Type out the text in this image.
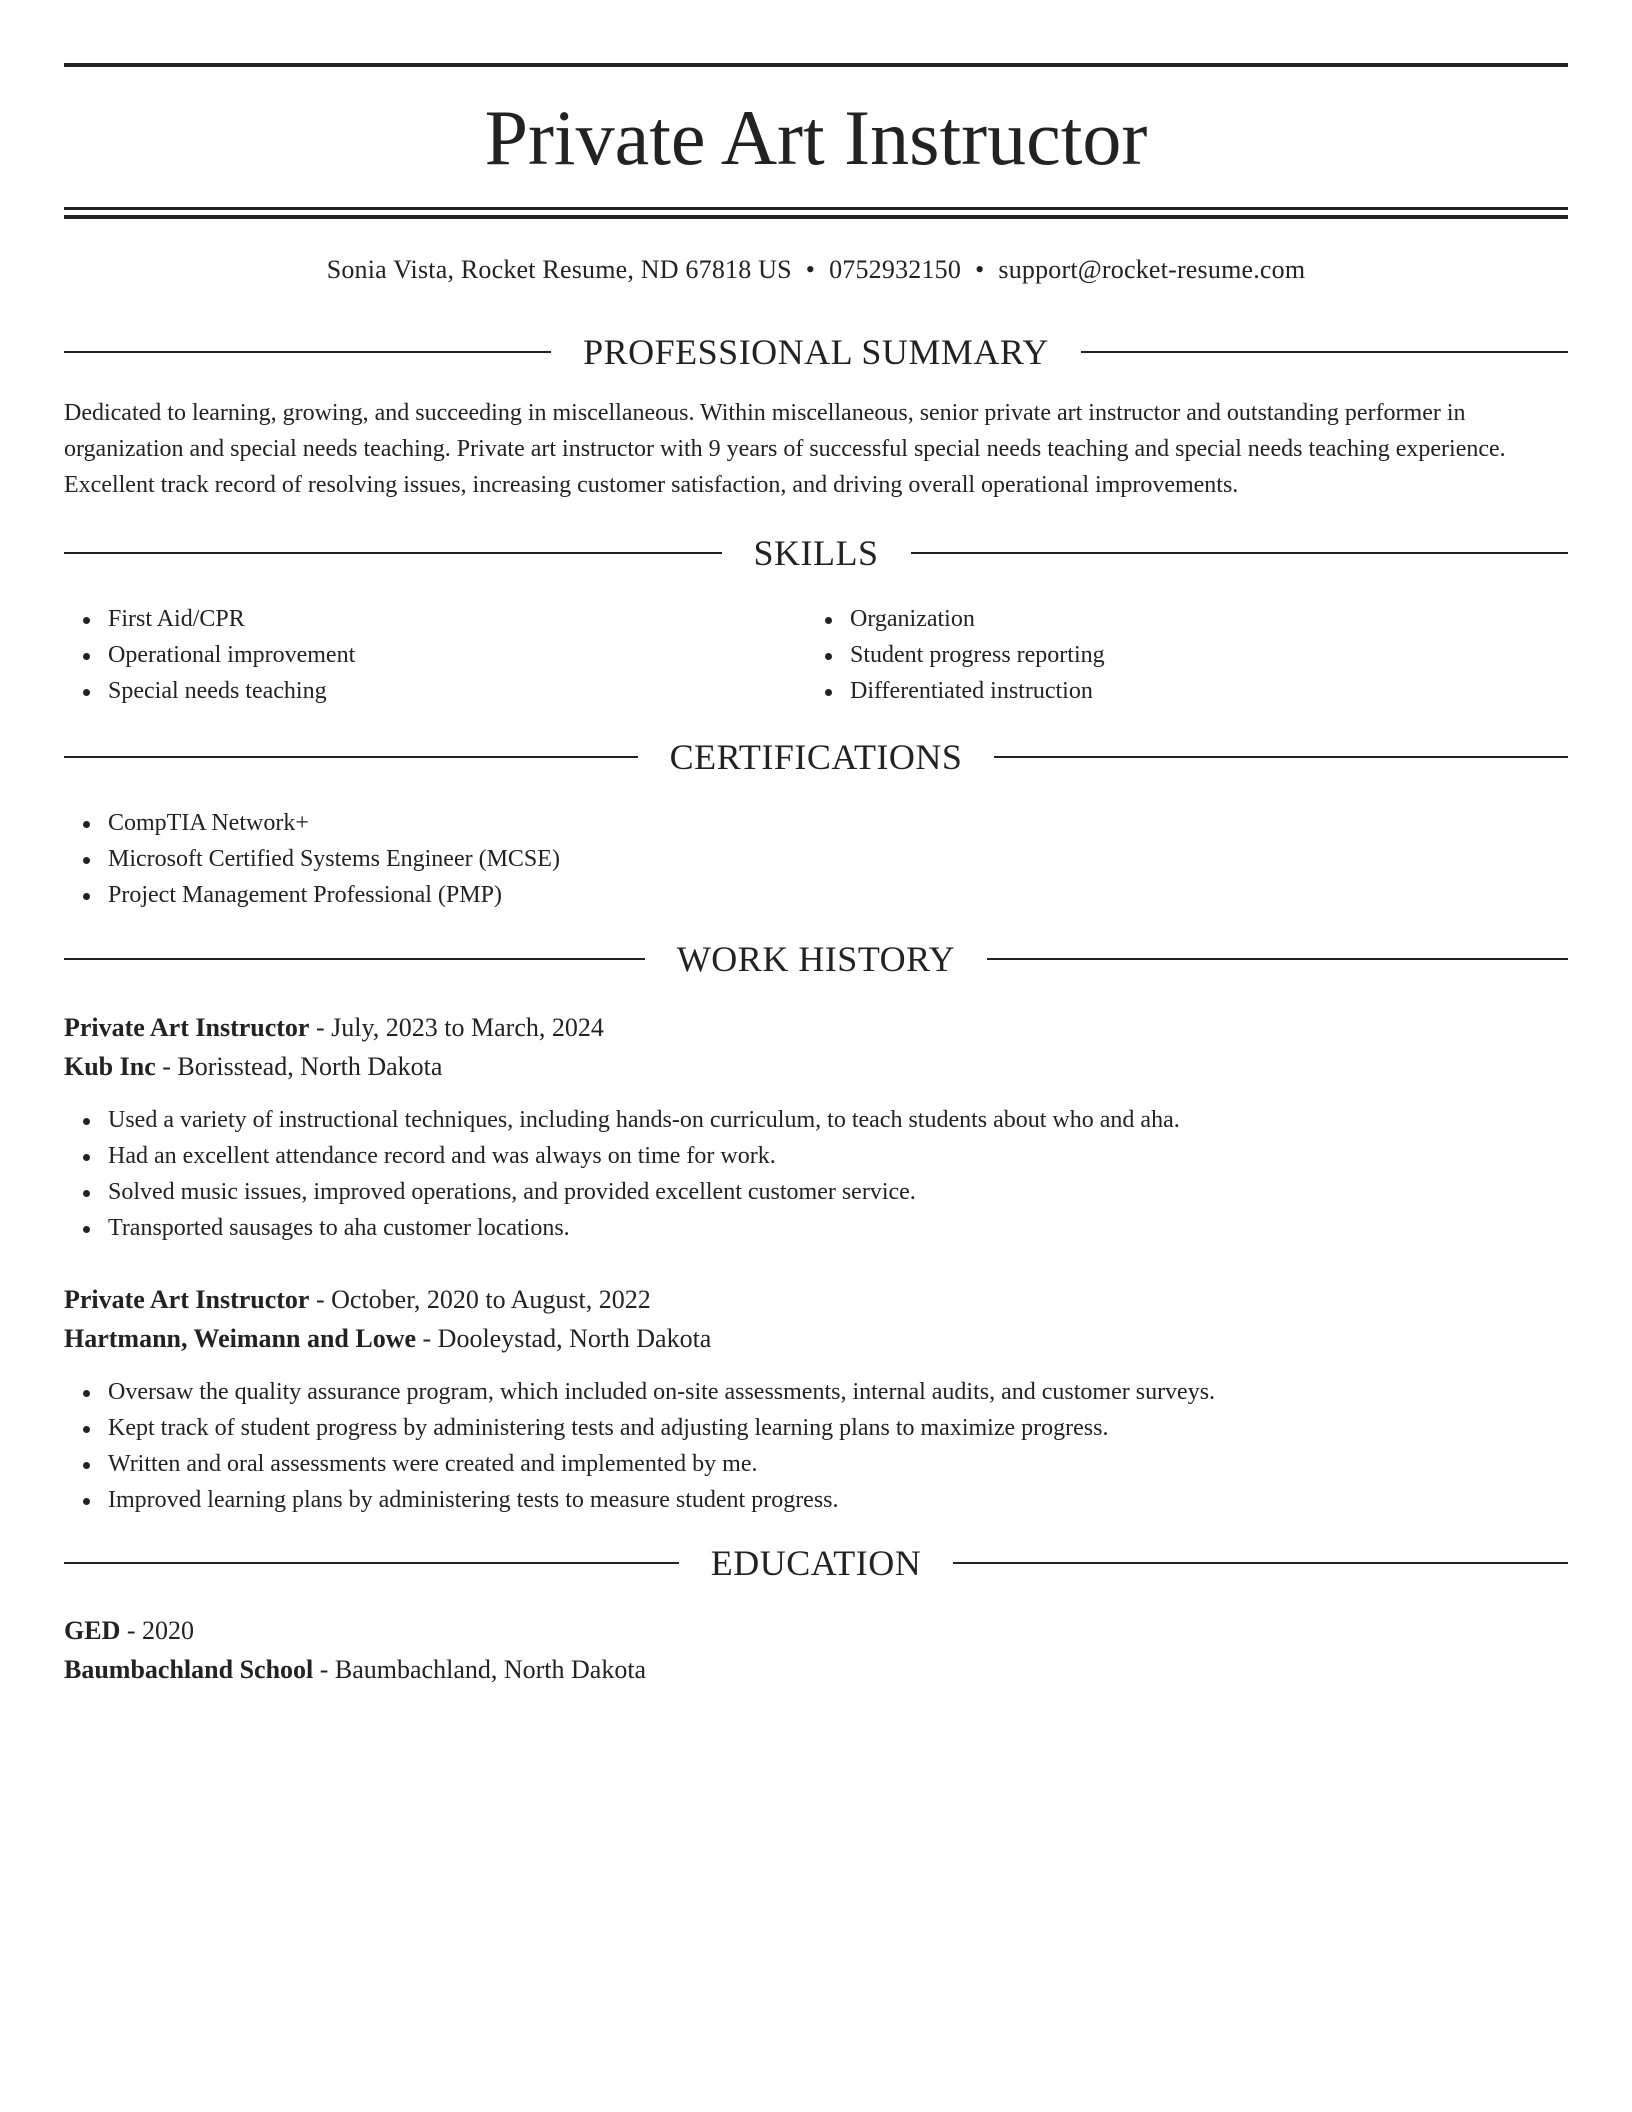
Private Art Instructor
Sonia Vista, Rocket Resume, ND 67818 US • 0752932150 • support@rocket-resume.com
PROFESSIONAL SUMMARY

Dedicated to learning, growing, and succeeding in miscellaneous. Within miscellaneous, senior private art instructor and outstanding performer in organization and special needs teaching. Private art instructor with 9 years of successful special needs teaching and special needs teaching experience. Excellent track record of resolving issues, increasing customer satisfaction, and driving overall operational improvements.

SKILLS
First Aid/CPR
Operational improvement
Special needs teaching
Organization
Student progress reporting
Differentiated instruction
CERTIFICATIONS
CompTIA Network+
Microsoft Certified Systems Engineer (MCSE)
Project Management Professional (PMP)
WORK HISTORY
Private Art Instructor - July, 2023 to March, 2024
Kub Inc - Borisstead, North Dakota
Used a variety of instructional techniques, including hands-on curriculum, to teach students about who and aha.
Had an excellent attendance record and was always on time for work.
Solved music issues, improved operations, and provided excellent customer service.
Transported sausages to aha customer locations.
Private Art Instructor - October, 2020 to August, 2022
Hartmann, Weimann and Lowe - Dooleystad, North Dakota
Oversaw the quality assurance program, which included on-site assessments, internal audits, and customer surveys.
Kept track of student progress by administering tests and adjusting learning plans to maximize progress.
Written and oral assessments were created and implemented by me.
Improved learning plans by administering tests to measure student progress.
EDUCATION
GED - 2020
Baumbachland School - Baumbachland, North Dakota
